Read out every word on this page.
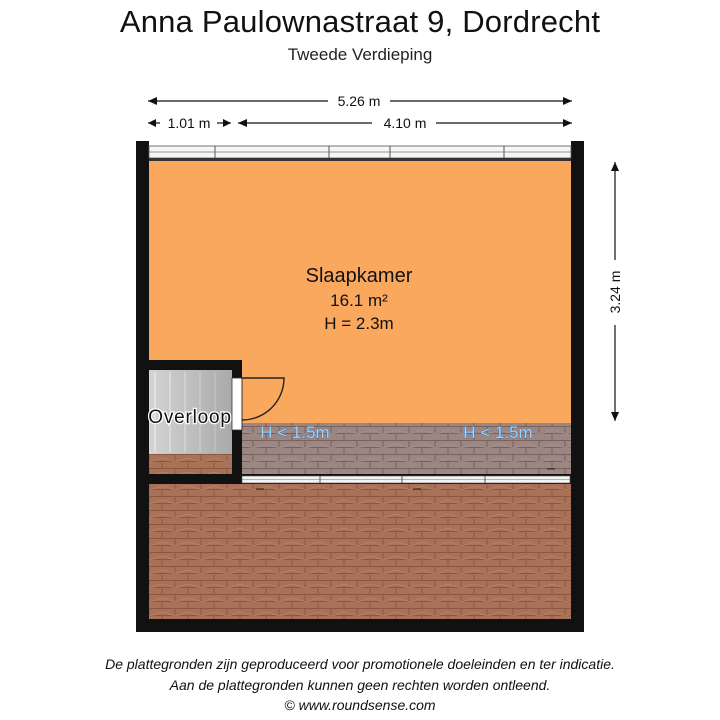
Anna Paulownastraat 9, Dordrecht
Tweede Verdieping
5.26 m
1.01 m	4.10 m
3.24 m
Slaapkamer
16.1 m²
H = 2.3m
Overloop
H < 1.5m	H < 1.5m
De plattegronden zijn geproduceerd voor promotionele doeleinden en ter indicatie.
Aan de plattegronden kunnen geen rechten worden ontleend.
© www.roundsense.com
